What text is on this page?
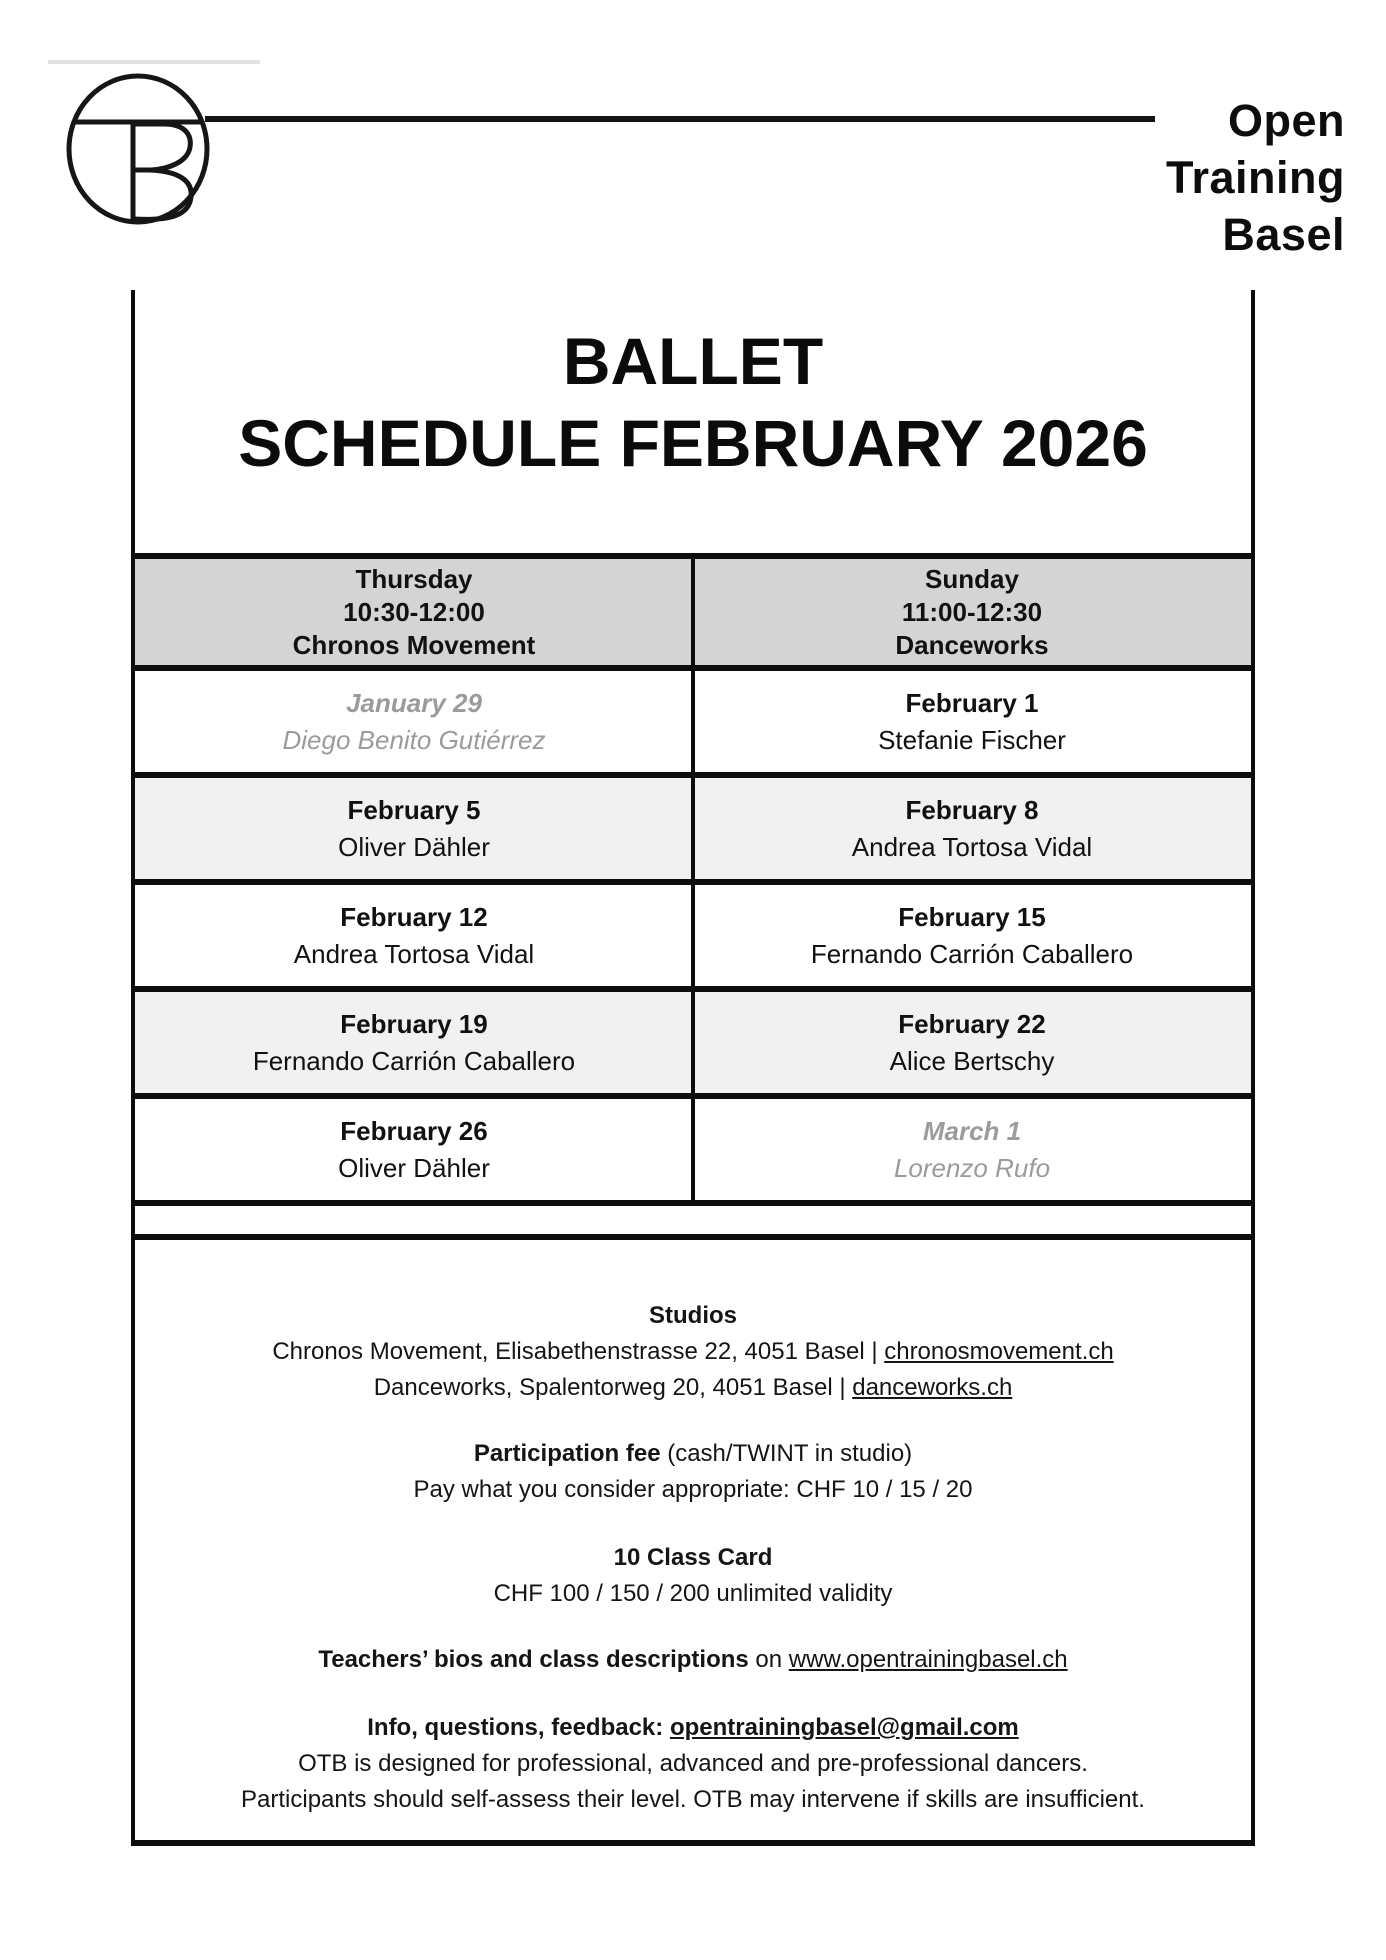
Open
Training
Basel
BALLET
SCHEDULE FEBRUARY 2026
Thursday
10:30-12:00
Chronos Movement
Sunday
11:00-12:30
Danceworks
January 29
Diego Benito Gutiérrez
February 1
Stefanie Fischer
February 5
Oliver Dähler
February 8
Andrea Tortosa Vidal
February 12
Andrea Tortosa Vidal
February 15
Fernando Carrión Caballero
February 19
Fernando Carrión Caballero
February 22
Alice Bertschy
February 26
Oliver Dähler
March 1
Lorenzo Rufo
Studios
Chronos Movement, Elisabethenstrasse 22, 4051 Basel | chronosmovement.ch
Danceworks, Spalentorweg 20, 4051 Basel | danceworks.ch
Participation fee (cash/TWINT in studio)
Pay what you consider appropriate: CHF 10 / 15 / 20
10 Class Card
CHF 100 / 150 / 200 unlimited validity
Teachers’ bios and class descriptions on www.opentrainingbasel.ch
Info, questions, feedback: opentrainingbasel@gmail.com
OTB is designed for professional, advanced and pre-professional dancers.
Participants should self-assess their level. OTB may intervene if skills are insufficient.
